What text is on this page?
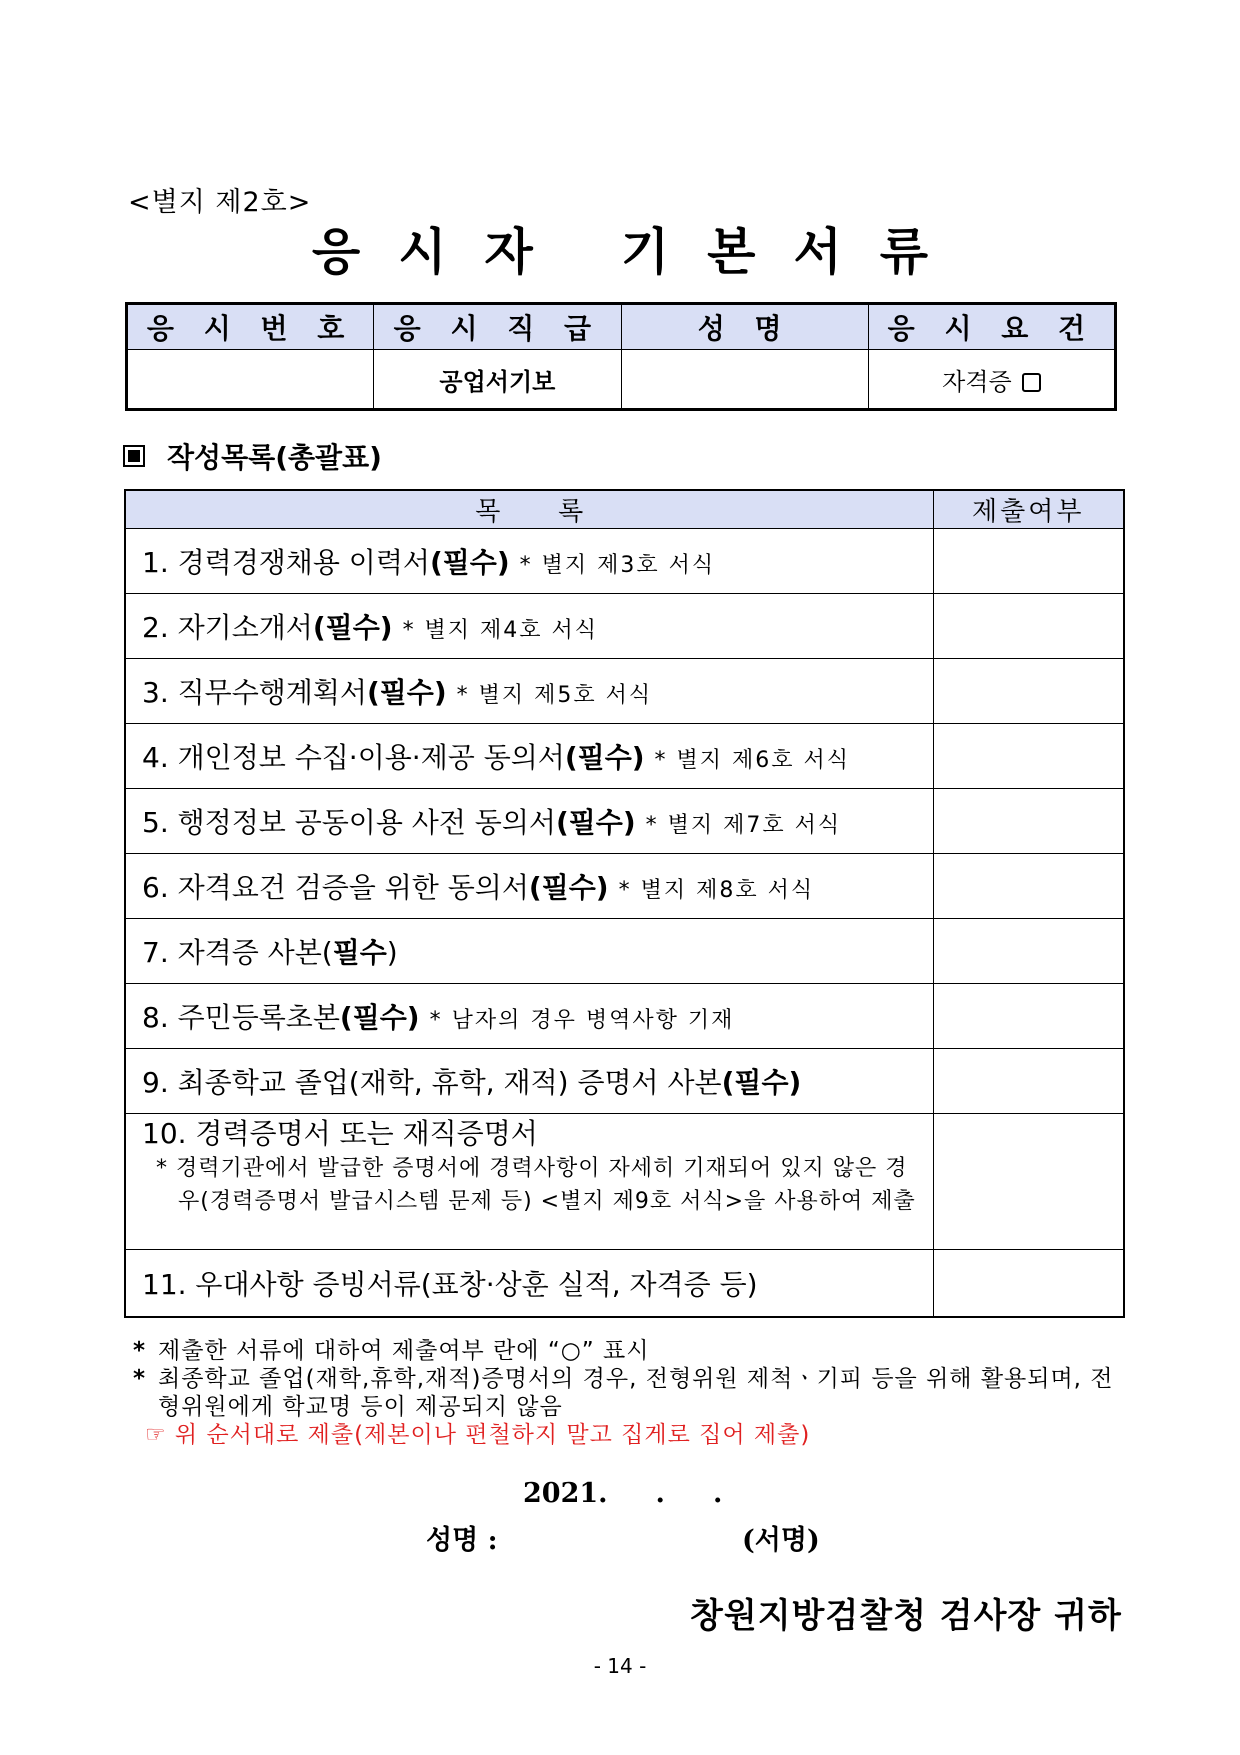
<별지 제2호>
응 시 자 기 본 서 류
응 시 번 호	응 시 직 급	성 명	응 시 요 건
	공업서기보		자격증
작성목록(총괄표)
목       록	제출여부
1. 경력경쟁채용 이력서(필수) * 별지 제3호 서식	
2. 자기소개서(필수) * 별지 제4호 서식	
3. 직무수행계획서(필수) * 별지 제5호 서식	
4. 개인정보 수집·이용·제공 동의서(필수) * 별지 제6호 서식	
5. 행정정보 공동이용 사전 동의서(필수) * 별지 제7호 서식	
6. 자격요건 검증을 위한 동의서(필수) * 별지 제8호 서식	
7. 자격증 사본(필수)	
8. 주민등록초본(필수) * 남자의 경우 병역사항 기재	
9. 최종학교 졸업(재학, 휴학, 재적) 증명서 사본(필수)	

10. 경력증명서 또는 재직증명서
* 경력기관에서 발급한 증명서에 경력사항이 자세히 기재되어 있지 않은 경우(경력증명서 발급시스템 문제 등) <별지 제9호 서식>을 사용하여 제출	

11. 우대사항 증빙서류(표창·상훈 실적, 자격증 등)	
* 제출한 서류에 대하여 제출여부 란에 “○” 표시
* 최종학교 졸업(재학,휴학,재적)증명서의 경우, 전형위원 제척ㆍ기피 등을 위해 활용되며, 전형위원에게 학교명 등이 제공되지 않음
☞ 위 순서대로 제출(제본이나 편철하지 말고 집게로 집어 제출)
2021. . .
성명 :	(서명)
창원지방검찰청 검사장 귀하
- 14 -
